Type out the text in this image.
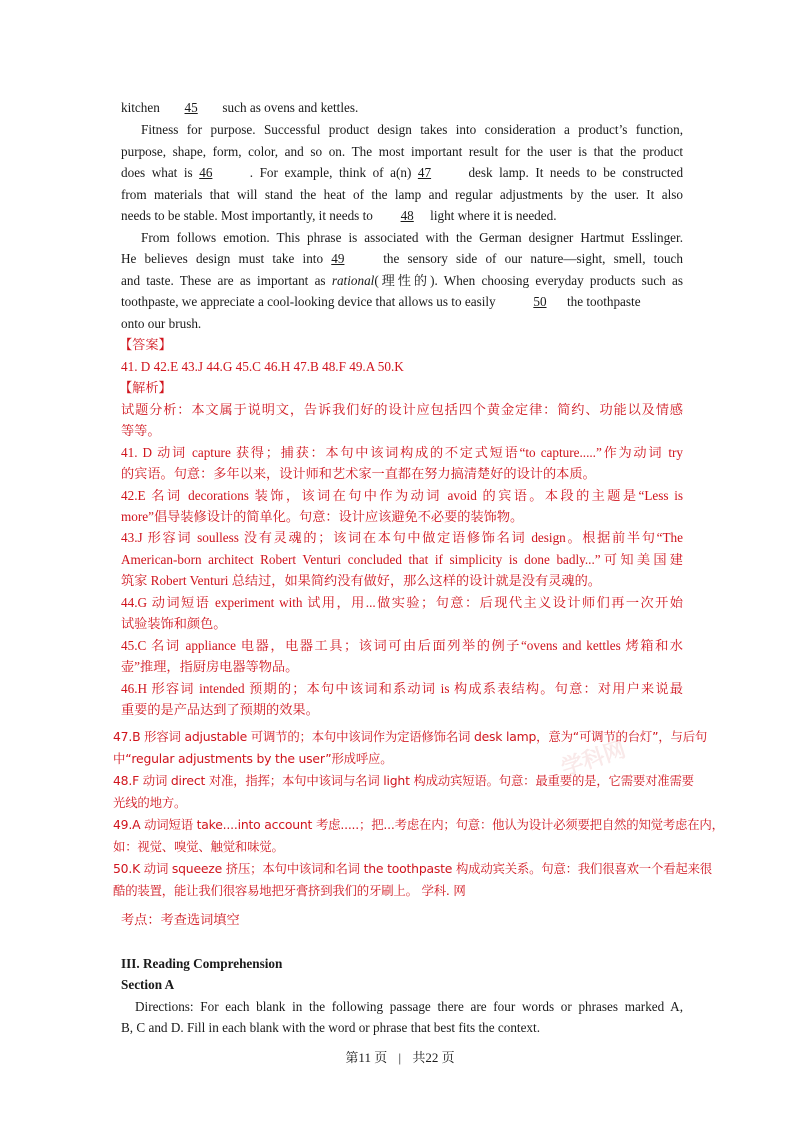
学科网
kitchen 45 such as ovens and kettles.
Fitness for purpose. Successful product design takes into consideration a product’s function,
purpose, shape, form, color, and so on. The most important result for the user is that the product
does what is 46	. For example, think of a(n) 47	desk lamp. It needs to be constructed
from materials that will stand the heat of the lamp and regular adjustments by the user. It also
needs to be stable. Most importantly, it needs to 48 light where it is needed.
From follows emotion. This phrase is associated with the German designer Hartmut Esslinger.
He believes design must take into 49	the sensory side of our nature—sight, smell, touch
and taste. These are as important as rational(理性的). When choosing everyday products such as
toothpaste, we appreciate a cool-looking device that allows us to easily	50 the toothpaste
onto our brush.
【答案】
41. D 42.E 43.J 44.G 45.C 46.H 47.B 48.F 49.A 50.K
【解析】
试题分析：本文属于说明文，告诉我们好的设计应包括四个黄金定律：简约、功能以及情感
等等。
41. D 动词 capture 获得；捕获：本句中该词构成的不定式短语“to capture.....”作为动词 try
的宾语。句意：多年以来，设计师和艺术家一直都在努力搞清楚好的设计的本质。
42.E 名词 decorations 装饰，该词在句中作为动词 avoid 的宾语。本段的主题是“Less is
more”倡导装修设计的简单化。句意：设计应该避免不必要的装饰物。
43.J 形容词 soulless 没有灵魂的；该词在本句中做定语修饰名词 design。根据前半句“The
American-born architect Robert Venturi concluded that if simplicity is done badly...”可知美国建
筑家 Robert Venturi 总结过，如果简约没有做好，那么这样的设计就是没有灵魂的。
44.G 动词短语 experiment with 试用，用...做实验；句意：后现代主义设计师们再一次开始
试验装饰和颜色。
45.C 名词 appliance 电器，电器工具；该词可由后面列举的例子“ovens and kettles 烤箱和水
壶”推理，指厨房电器等物品。
46.H 形容词 intended 预期的；本句中该词和系动词 is 构成系表结构。句意：对用户来说最
重要的是产品达到了预期的效果。
47.B 形容词 adjustable 可调节的；本句中该词作为定语修饰名词 desk lamp，意为“可调节的台灯”，与后句
中“regular adjustments by the user”形成呼应。
48.F 动词 direct 对准，指挥；本句中该词与名词 light 构成动宾短语。句意：最重要的是，它需要对准需要
光线的地方。
49.A 动词短语 take....into account 考虑.....；把...考虑在内；句意：他认为设计必须要把自然的知觉考虑在内，
如：视觉、嗅觉、触觉和味觉。
50.K 动词 squeeze 挤压；本句中该词和名词 the toothpaste 构成动宾关系。句意：我们很喜欢一个看起来很
酷的装置，能让我们很容易地把牙膏挤到我们的牙刷上。 学科. 网
考点：考查选词填空
III. Reading Comprehension
Section A
Directions: For each blank in the following passage there are four words or phrases marked A,
B, C and D. Fill in each blank with the word or phrase that best fits the context.
第11 页 | 共22 页
